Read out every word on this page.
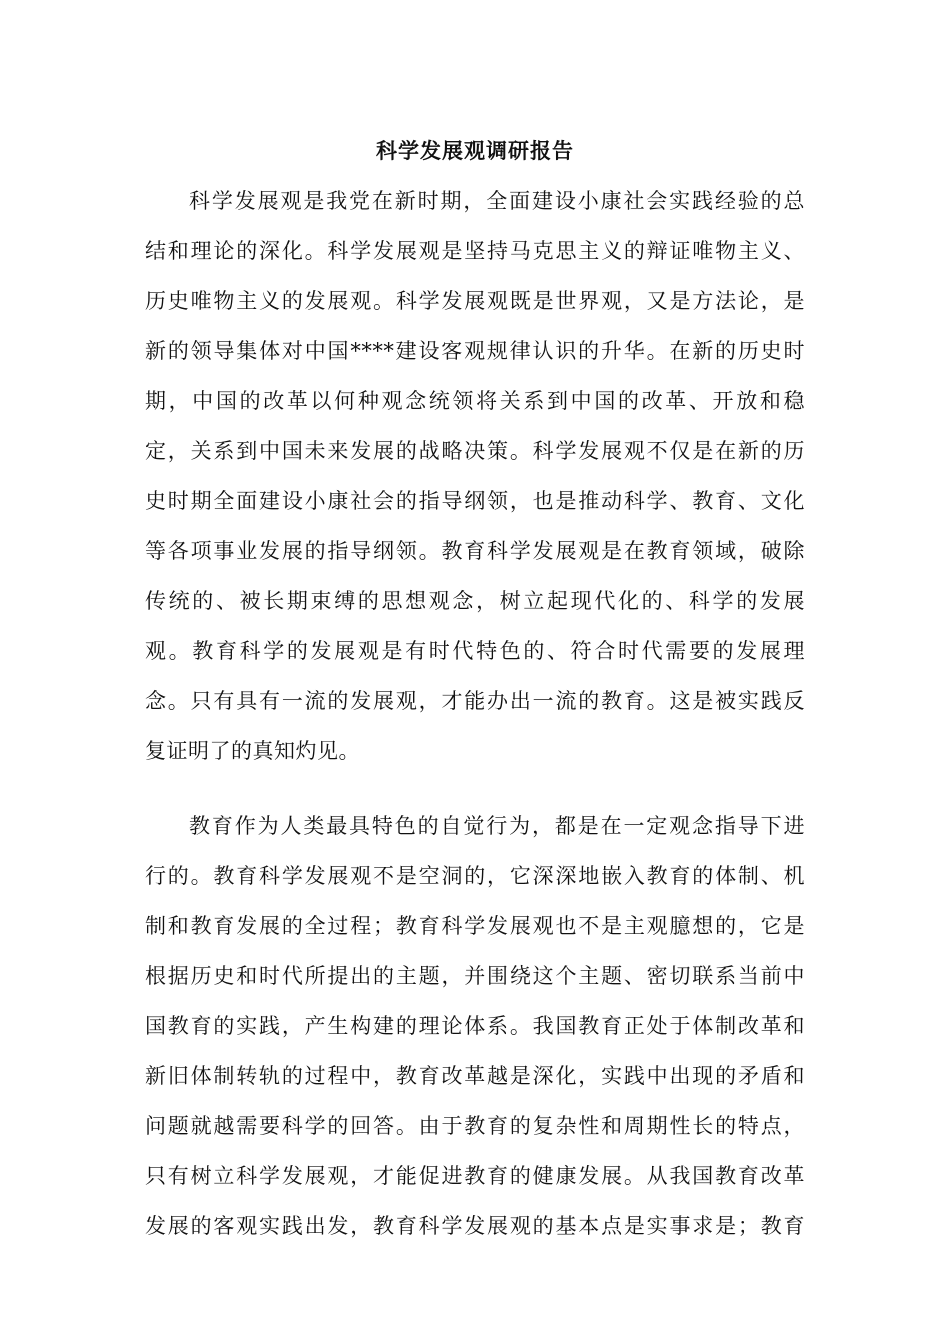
科学发展观调研报告
科学发展观是我党在新时期，全面建设小康社会实践经验的总
结和理论的深化。科学发展观是坚持马克思主义的辩证唯物主义、
历史唯物主义的发展观。科学发展观既是世界观，又是方法论，是
新的领导集体对中国****建设客观规律认识的升华。在新的历史时
期，中国的改革以何种观念统领将关系到中国的改革、开放和稳
定，关系到中国未来发展的战略决策。科学发展观不仅是在新的历
史时期全面建设小康社会的指导纲领，也是推动科学、教育、文化
等各项事业发展的指导纲领。教育科学发展观是在教育领域，破除
传统的、被长期束缚的思想观念，树立起现代化的、科学的发展
观。教育科学的发展观是有时代特色的、符合时代需要的发展理
念。只有具有一流的发展观，才能办出一流的教育。这是被实践反
复证明了的真知灼见。
教育作为人类最具特色的自觉行为，都是在一定观念指导下进
行的。教育科学发展观不是空洞的，它深深地嵌入教育的体制、机
制和教育发展的全过程；教育科学发展观也不是主观臆想的，它是
根据历史和时代所提出的主题，并围绕这个主题、密切联系当前中
国教育的实践，产生构建的理论体系。我国教育正处于体制改革和
新旧体制转轨的过程中，教育改革越是深化，实践中出现的矛盾和
问题就越需要科学的回答。由于教育的复杂性和周期性长的特点，
只有树立科学发展观，才能促进教育的健康发展。从我国教育改革
发展的客观实践出发，教育科学发展观的基本点是实事求是；教育
